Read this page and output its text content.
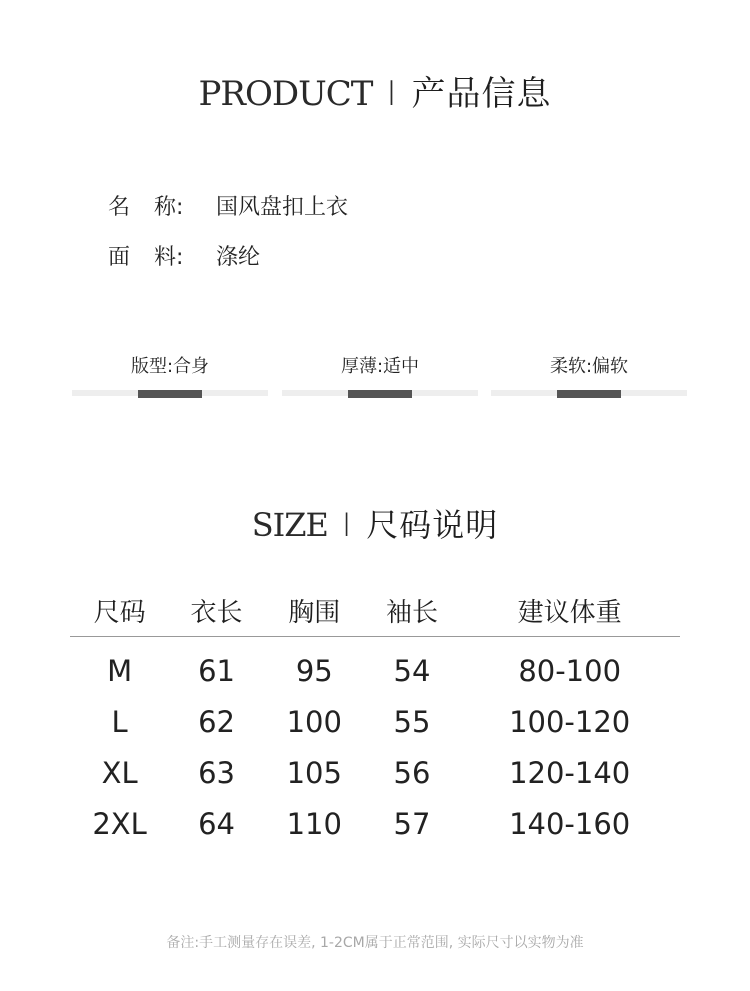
PRODUCT I 产品信息
名 称: 国风盘扣上衣
面 料: 涤纶
版型:合身	厚薄:适中	柔软:偏软
SIZE I 尺码说明
尺码	衣长	胸围	袖长	建议体重
M	61	95	54	80-100
L	62	100	55	100-120
XL	63	105	56	120-140
2XL	64	110	57	140-160
备注:手工测量存在误差, 1-2CM属于正常范围, 实际尺寸以实物为准
